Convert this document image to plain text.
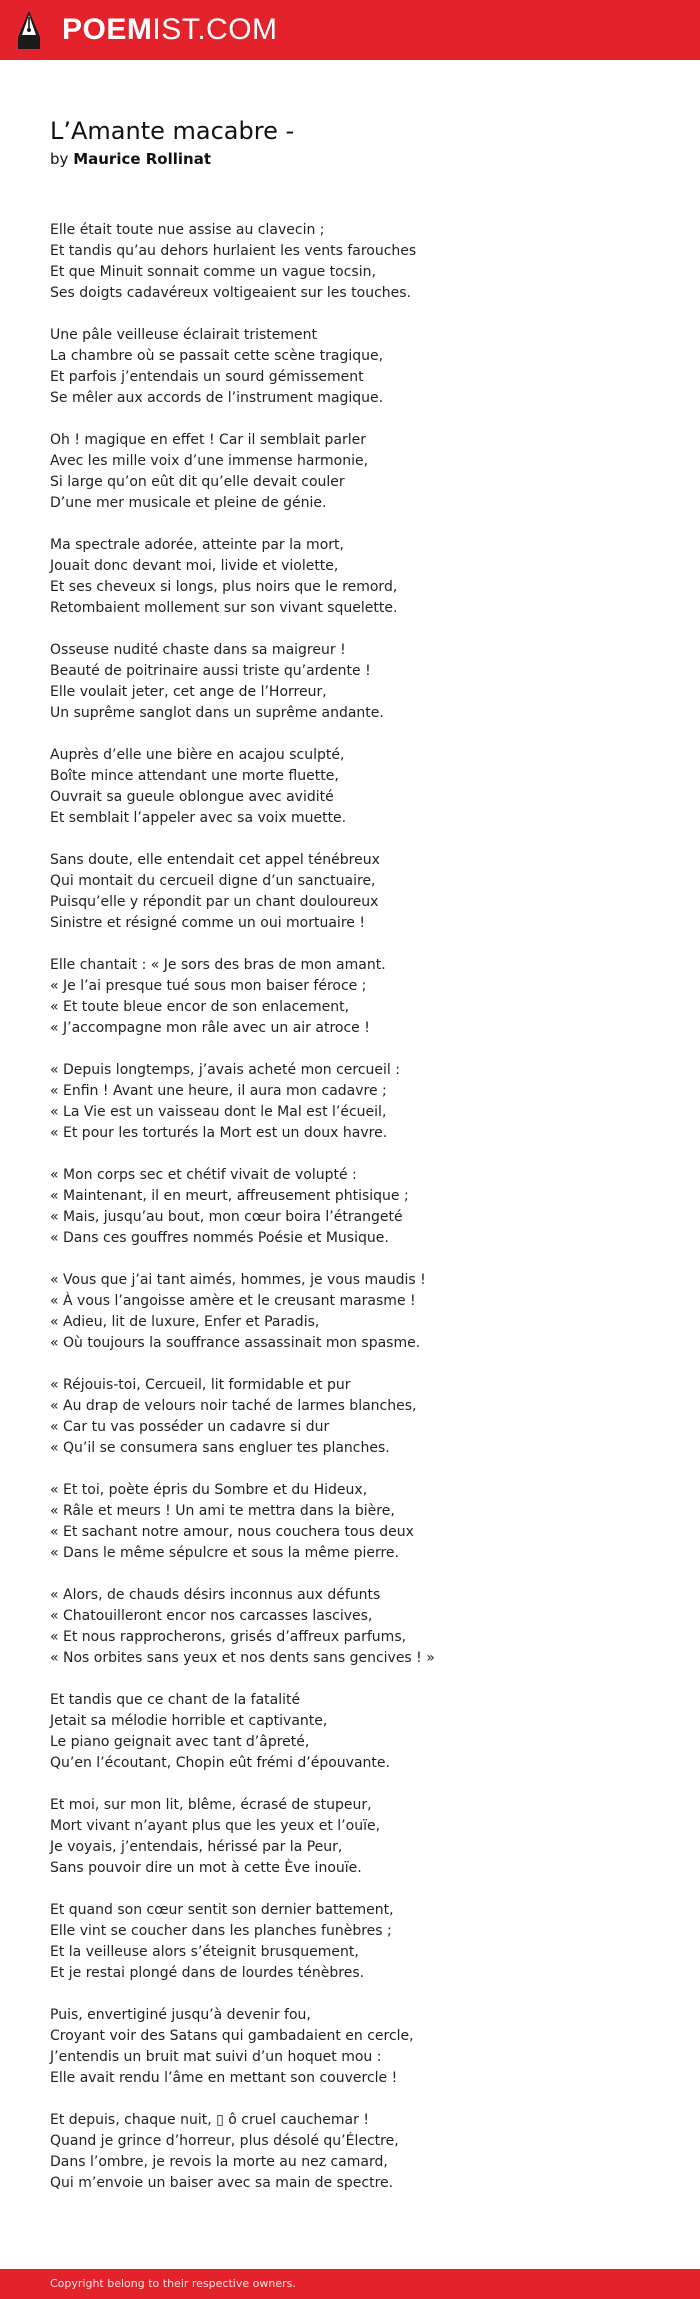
POEMIST.COM
L’Amante macabre -
by Maurice Rollinat
Elle était toute nue assise au clavecin ;
Et tandis qu’au dehors hurlaient les vents farouches
Et que Minuit sonnait comme un vague tocsin,
Ses doigts cadavéreux voltigeaient sur les touches.
Une pâle veilleuse éclairait tristement
La chambre où se passait cette scène tragique,
Et parfois j’entendais un sourd gémissement
Se mêler aux accords de l’instrument magique.
Oh ! magique en effet ! Car il semblait parler
Avec les mille voix d’une immense harmonie,
Si large qu’on eût dit qu’elle devait couler
D’une mer musicale et pleine de génie.
Ma spectrale adorée, atteinte par la mort,
Jouait donc devant moi, livide et violette,
Et ses cheveux si longs, plus noirs que le remord,
Retombaient mollement sur son vivant squelette.
Osseuse nudité chaste dans sa maigreur !
Beauté de poitrinaire aussi triste qu’ardente !
Elle voulait jeter, cet ange de l’Horreur,
Un suprême sanglot dans un suprême andante.
Auprès d’elle une bière en acajou sculpté,
Boîte mince attendant une morte fluette,
Ouvrait sa gueule oblongue avec avidité
Et semblait l’appeler avec sa voix muette.
Sans doute, elle entendait cet appel ténébreux
Qui montait du cercueil digne d’un sanctuaire,
Puisqu’elle y répondit par un chant douloureux
Sinistre et résigné comme un oui mortuaire !
Elle chantait : « Je sors des bras de mon amant.
« Je l’ai presque tué sous mon baiser féroce ;
« Et toute bleue encor de son enlacement,
« J’accompagne mon râle avec un air atroce !
« Depuis longtemps, j’avais acheté mon cercueil :
« Enfin ! Avant une heure, il aura mon cadavre ;
« La Vie est un vaisseau dont le Mal est l’écueil,
« Et pour les torturés la Mort est un doux havre.
« Mon corps sec et chétif vivait de volupté :
« Maintenant, il en meurt, affreusement phtisique ;
« Mais, jusqu’au bout, mon cœur boira l’étrangeté
« Dans ces gouffres nommés Poésie et Musique.
« Vous que j’ai tant aimés, hommes, je vous maudis !
« À vous l’angoisse amère et le creusant marasme !
« Adieu, lit de luxure, Enfer et Paradis,
« Où toujours la souffrance assassinait mon spasme.
« Réjouis-toi, Cercueil, lit formidable et pur
« Au drap de velours noir taché de larmes blanches,
« Car tu vas posséder un cadavre si dur
« Qu’il se consumera sans engluer tes planches.
« Et toi, poète épris du Sombre et du Hideux,
« Râle et meurs ! Un ami te mettra dans la bière,
« Et sachant notre amour, nous couchera tous deux
« Dans le même sépulcre et sous la même pierre.
« Alors, de chauds désirs inconnus aux défunts
« Chatouilleront encor nos carcasses lascives,
« Et nous rapprocherons, grisés d’affreux parfums,
« Nos orbites sans yeux et nos dents sans gencives ! »
Et tandis que ce chant de la fatalité
Jetait sa mélodie horrible et captivante,
Le piano geignait avec tant d’âpreté,
Qu’en l’écoutant, Chopin eût frémi d’épouvante.
Et moi, sur mon lit, blême, écrasé de stupeur,
Mort vivant n’ayant plus que les yeux et l’ouïe,
Je voyais, j’entendais, hérissé par la Peur,
Sans pouvoir dire un mot à cette Ève inouïe.
Et quand son cœur sentit son dernier battement,
Elle vint se coucher dans les planches funèbres ;
Et la veilleuse alors s’éteignit brusquement,
Et je restai plongé dans de lourdes ténèbres.
Puis, envertiginé jusqu’à devenir fou,
Croyant voir des Satans qui gambadaient en cercle,
J’entendis un bruit mat suivi d’un hoquet mou :
Elle avait rendu l’âme en mettant son couvercle !
Et depuis, chaque nuit, ▯ ô cruel cauchemar !
Quand je grince d’horreur, plus désolé qu’Électre,
Dans l’ombre, je revois la morte au nez camard,
Qui m’envoie un baiser avec sa main de spectre.
Copyright belong to their respective owners.
